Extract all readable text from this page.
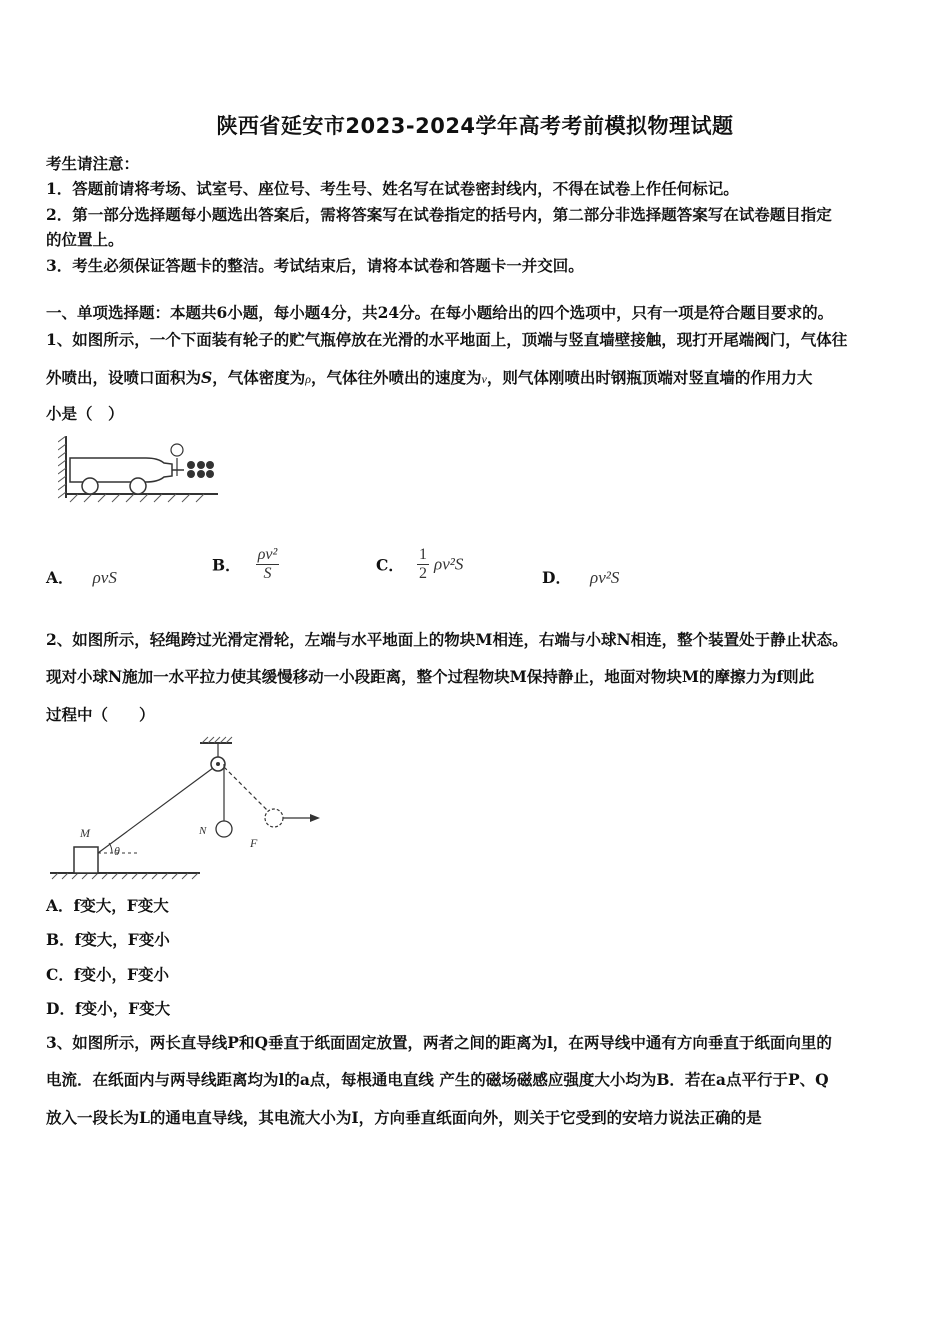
陕西省延安市2023-2024学年高考考前模拟物理试题
考生请注意：
1．答题前请将考场、试室号、座位号、考生号、姓名写在试卷密封线内，不得在试卷上作任何标记。
2．第一部分选择题每小题选出答案后，需将答案写在试卷指定的括号内，第二部分非选择题答案写在试卷题目指定
的位置上。
3．考生必须保证答题卡的整洁。考试结束后，请将本试卷和答题卡一并交回。
一、单项选择题：本题共6小题，每小题4分，共24分。在每小题给出的四个选项中，只有一项是符合题目要求的。
1、如图所示，一个下面装有轮子的贮气瓶停放在光滑的水平地面上，顶端与竖直墙壁接触，现打开尾端阀门，气体往
外喷出，设喷口面积为S，气体密度为ρ，气体往外喷出的速度为v，则气体刚喷出时钢瓶顶端对竖直墙的作用力大
小是（　）
A． ρvS
B． $\frac{\text{ρv²}}{S}$	C． $\frac{1}{2} \rho v^2S$
D． ρv²S
2、如图所示，轻绳跨过光滑定滑轮，左端与水平地面上的物块M相连，右端与小球N相连，整个装置处于静止状态。
现对小球N施加一水平拉力使其缓慢移动一小段距离，整个过程物块M保持静止，地面对物块M的摩擦力为f则此
过程中（　　）
M
θ
N
F
A．f变大，F变大
B．f变大，F变小
C．f变小，F变小
D．f变小，F变大
3、如图所示，两长直导线P和Q垂直于纸面固定放置，两者之间的距离为l，在两导线中通有方向垂直于纸面向里的
电流．在纸面内与两导线距离均为l的a点，每根通电直线 产生的磁场磁感应强度大小均为B．若在a点平行于P、Q
放入一段长为L的通电直导线，其电流大小为I，方向垂直纸面向外，则关于它受到的安培力说法正确的是
